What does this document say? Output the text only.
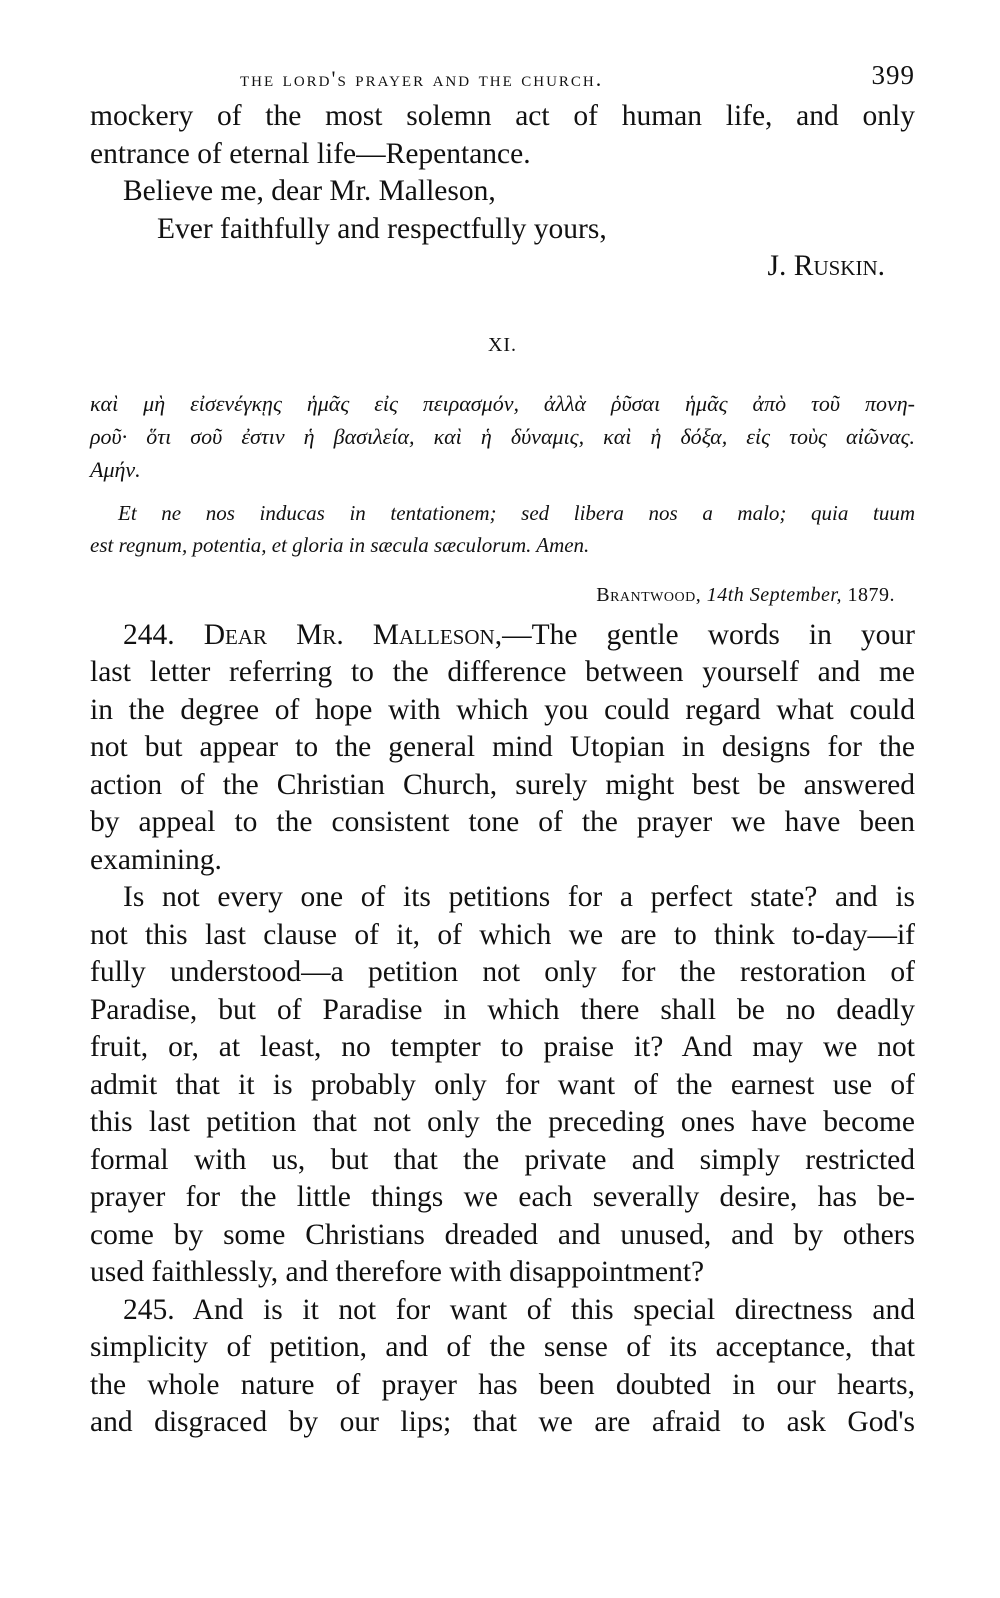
the lord's prayer and the church.	399
mockery of the most solemn act of human life, and only
entrance of eternal life—Repentance.
Believe me, dear Mr. Malleson,
Ever faithfully and respectfully yours,
J. Ruskin.
XI.
καὶ μὴ εἰσενέγκῃς ἡμᾶς εἰς πειρασμόν, ἀλλὰ ῥῦσαι ἡμᾶς ἀπὸ τοῦ πονη-
ροῦ· ὅτι σοῦ ἐστιν ἡ βασιλεία, καὶ ἡ δύναμις, καὶ ἡ δόξα, εἰς τοὺς αἰῶνας.
Αμήν.
Et ne nos inducas in tentationem; sed libera nos a malo; quia tuum
est regnum, potentia, et gloria in sæcula sæculorum. Amen.
Brantwood, 14th September, 1879.
244. Dear Mr. Malleson,—The gentle words in your
last letter referring to the difference between yourself and me
in the degree of hope with which you could regard what could
not but appear to the general mind Utopian in designs for the
action of the Christian Church, surely might best be answered
by appeal to the consistent tone of the prayer we have been
examining.
Is not every one of its petitions for a perfect state? and is
not this last clause of it, of which we are to think to-day—if
fully understood—a petition not only for the restoration of
Paradise, but of Paradise in which there shall be no deadly
fruit, or, at least, no tempter to praise it? And may we not
admit that it is probably only for want of the earnest use of
this last petition that not only the preceding ones have become
formal with us, but that the private and simply restricted
prayer for the little things we each severally desire, has be-
come by some Christians dreaded and unused, and by others
used faithlessly, and therefore with disappointment?
245. And is it not for want of this special directness and
simplicity of petition, and of the sense of its acceptance, that
the whole nature of prayer has been doubted in our hearts,
and disgraced by our lips; that we are afraid to ask God's
